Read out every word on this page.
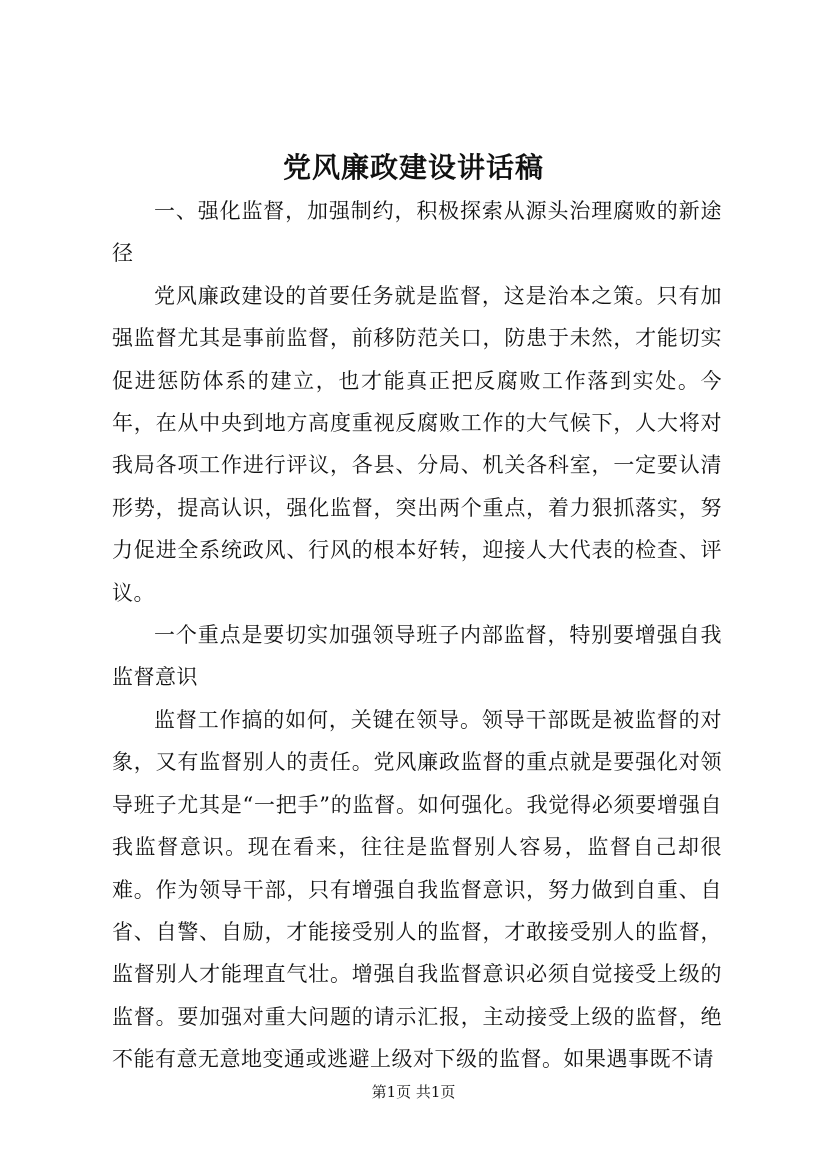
党风廉政建设讲话稿

一、强化监督，加强制约，积极探索从源头治理腐败的新途径

党风廉政建设的首要任务就是监督，这是治本之策。只有加强监督尤其是事前监督，前移防范关口，防患于未然，才能切实促进惩防体系的建立，也才能真正把反腐败工作落到实处。今年，在从中央到地方高度重视反腐败工作的大气候下，人大将对我局各项工作进行评议，各县、分局、机关各科室，一定要认清形势，提高认识，强化监督，突出两个重点，着力狠抓落实，努力促进全系统政风、行风的根本好转，迎接人大代表的检查、评议。

一个重点是要切实加强领导班子内部监督，特别要增强自我监督意识

监督工作搞的如何，关键在领导。领导干部既是被监督的对象，又有监督别人的责任。党风廉政监督的重点就是要强化对领导班子尤其是“一把手”的监督。如何强化。我觉得必须要增强自我监督意识。现在看来，往往是监督别人容易，监督自己却很难。作为领导干部，只有增强自我监督意识，努力做到自重、自省、自警、自励，才能接受别人的监督，才敢接受别人的监督，监督别人才能理直气壮。增强自我监督意识必须自觉接受上级的监督。要加强对重大问题的请示汇报，主动接受上级的监督，绝不能有意无意地变通或逃避上级对下级的监督。如果遇事既不请

第1页 共1页
